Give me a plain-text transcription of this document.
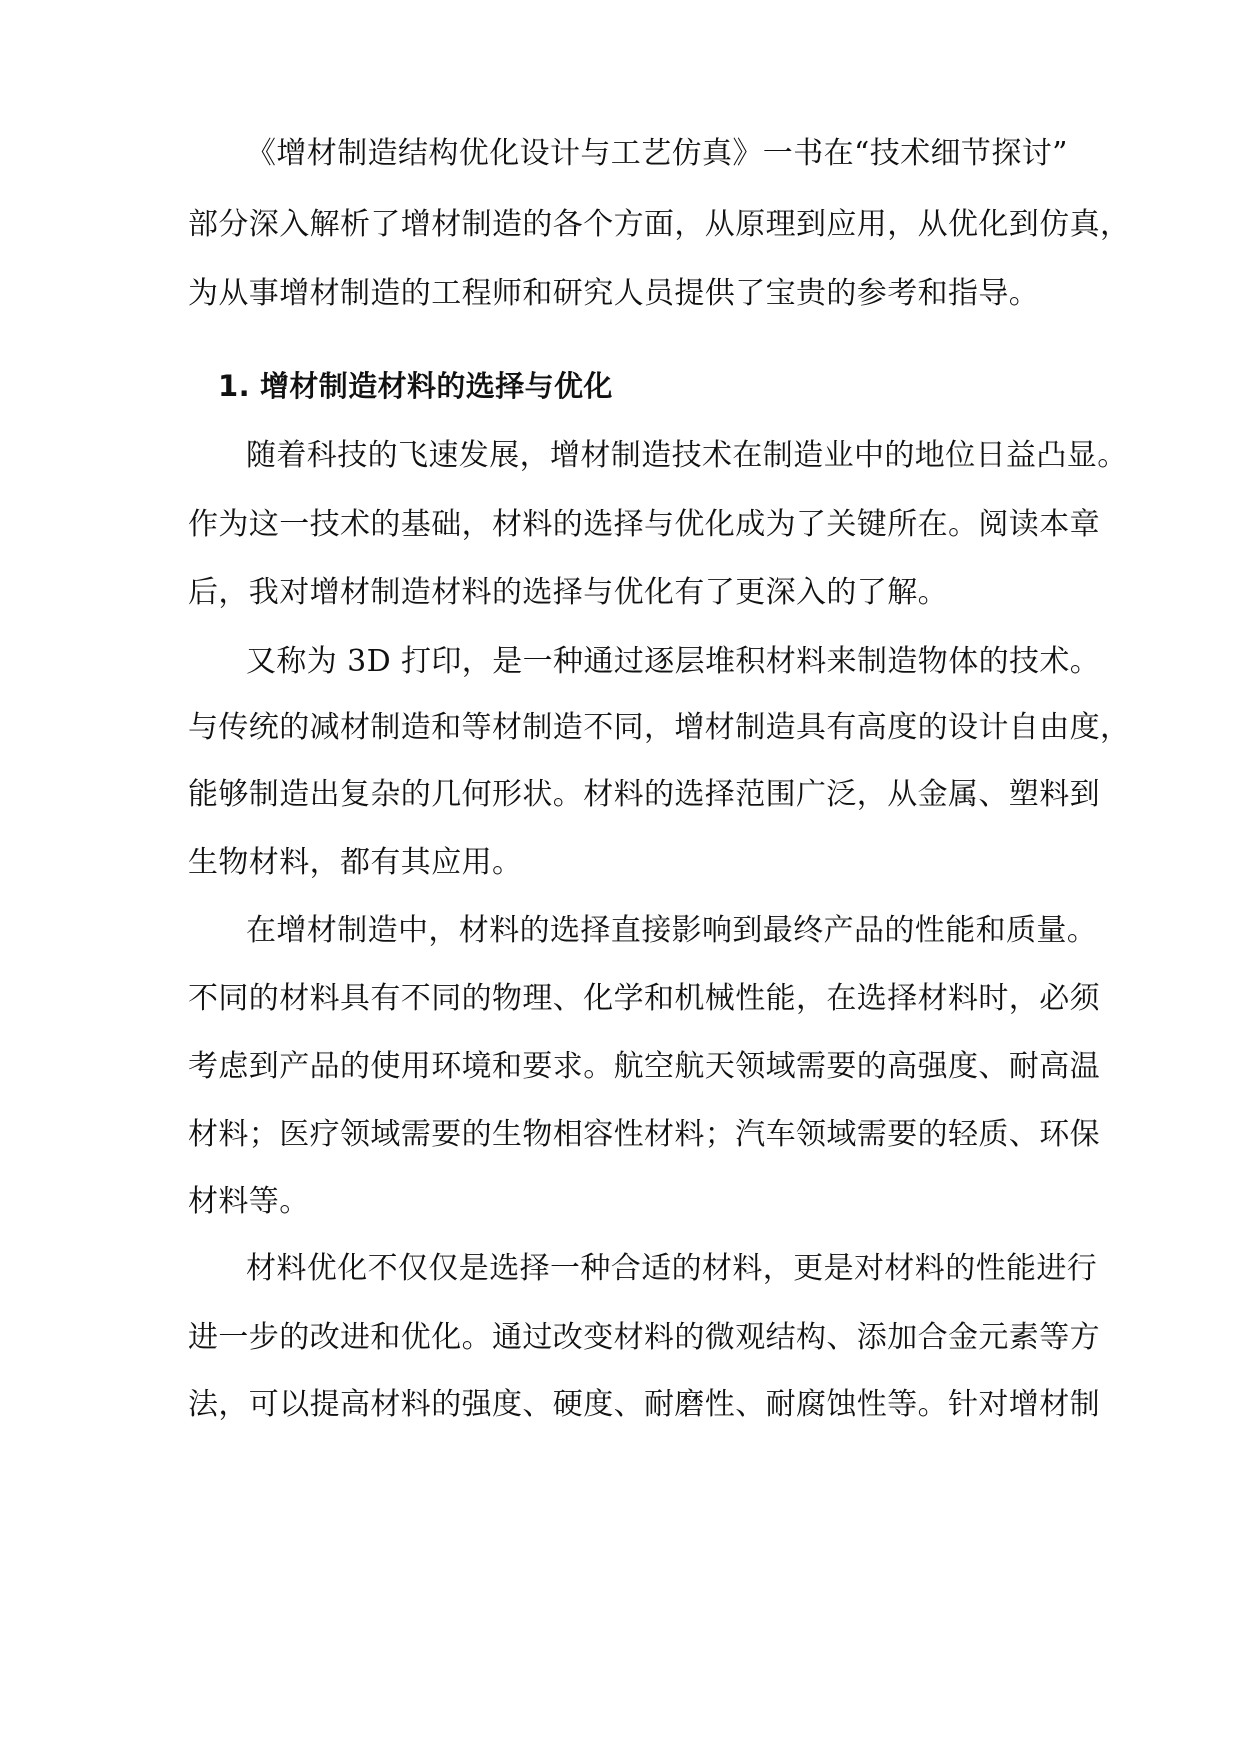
《增材制造结构优化设计与工艺仿真》一书在“技术细节探讨”
部分深入解析了增材制造的各个方面，从原理到应用，从优化到仿真，
为从事增材制造的工程师和研究人员提供了宝贵的参考和指导。
1. 增材制造材料的选择与优化
随着科技的飞速发展，增材制造技术在制造业中的地位日益凸显。
作为这一技术的基础，材料的选择与优化成为了关键所在。阅读本章
后，我对增材制造材料的选择与优化有了更深入的了解。
又称为 3D 打印，是一种通过逐层堆积材料来制造物体的技术。
与传统的减材制造和等材制造不同，增材制造具有高度的设计自由度，
能够制造出复杂的几何形状。材料的选择范围广泛，从金属、塑料到
生物材料，都有其应用。
在增材制造中，材料的选择直接影响到最终产品的性能和质量。
不同的材料具有不同的物理、化学和机械性能，在选择材料时，必须
考虑到产品的使用环境和要求。航空航天领域需要的高强度、耐高温
材料；医疗领域需要的生物相容性材料；汽车领域需要的轻质、环保
材料等。
材料优化不仅仅是选择一种合适的材料，更是对材料的性能进行
进一步的改进和优化。通过改变材料的微观结构、添加合金元素等方
法，可以提高材料的强度、硬度、耐磨性、耐腐蚀性等。针对增材制
